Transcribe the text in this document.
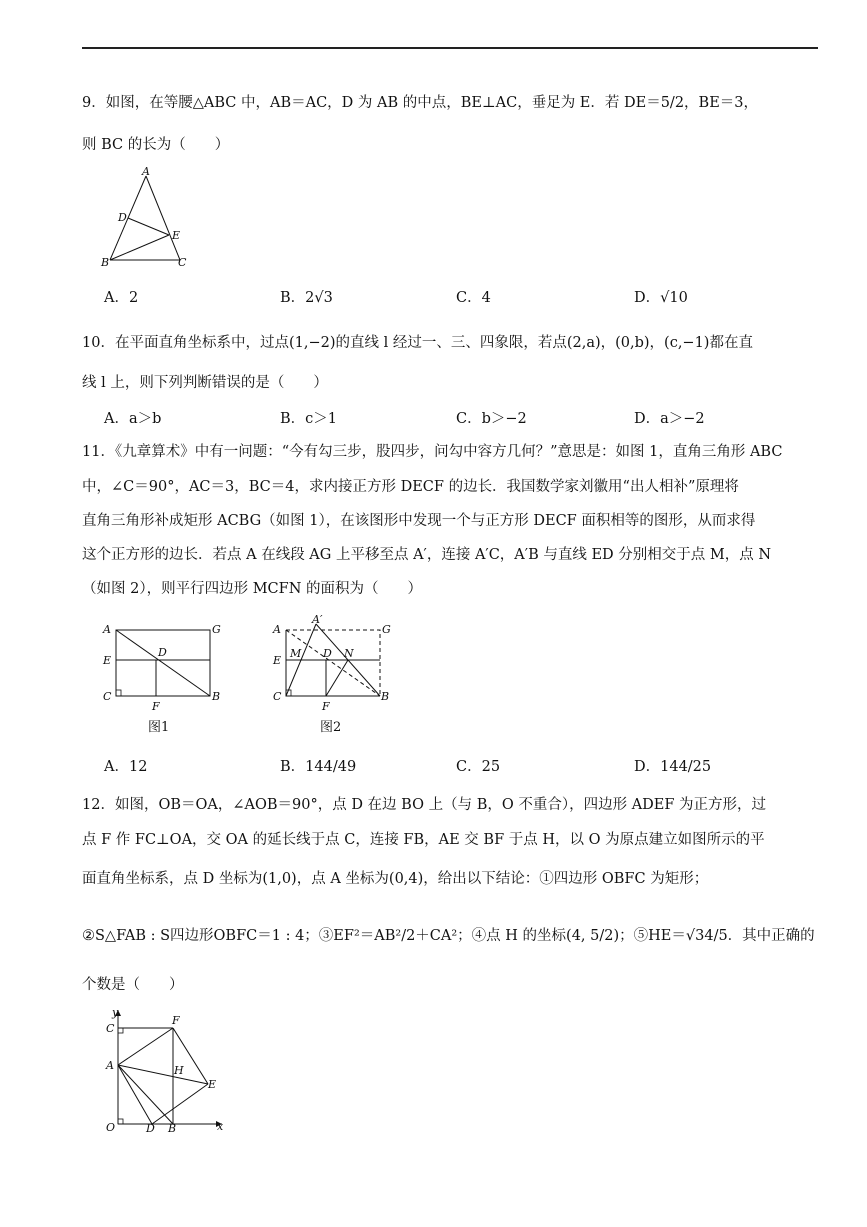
9．如图，在等腰△ABC 中，AB＝AC，D 为 AB 的中点，BE⊥AC，垂足为 E．若 DE＝5/2，BE＝3，
则 BC 的长为（　　）
A
D
E
B	C
A．2	B．2√3	C．4	D．√10
10．在平面直角坐标系中，过点(1,−2)的直线 l 经过一、三、四象限，若点(2,a)，(0,b)，(c,−1)都在直
线 l 上，则下列判断错误的是（　　）
A．a＞b	B．c＞1	C．b＞−2	D．a＞−2
11．《九章算术》中有一问题：“今有勾三步，股四步，问勾中容方几何？”意思是：如图 1，直角三角形 ABC
中，∠C＝90°，AC＝3，BC＝4，求内接正方形 DECF 的边长．我国数学家刘徽用“出人相补”原理将
直角三角形补成矩形 ACBG（如图 1），在该图形中发现一个与正方形 DECF 面积相等的图形，从而求得
这个正方形的边长．若点 A 在线段 AG 上平移至点 A′，连接 A′C，A′B 与直线 ED 分别相交于点 M，点 N
（如图 2），则平行四边形 MCFN 的面积为（　　）
A	G
E
D
C
F
B
图1
A
A′
G
E
M D N
C
F
B
图2
A．12	B．144/49	C．25	D．144/25
12．如图，OB＝OA，∠AOB＝90°，点 D 在边 BO 上（与 B，O 不重合），四边形 ADEF 为正方形，过
点 F 作 FC⊥OA，交 OA 的延长线于点 C，连接 FB，AE 交 BF 于点 H，以 O 为原点建立如图所示的平
面直角坐标系，点 D 坐标为(1,0)，点 A 坐标为(0,4)，给出以下结论：①四边形 OBFC 为矩形；
②S△FAB : S四边形OBFC＝1 : 4；③EF²＝AB²/2＋CA²；④点 H 的坐标(4, 5/2)；⑤HE＝√34/5．其中正确的
个数是（　　）
y
C
F
A	H
E
O	D B	x
